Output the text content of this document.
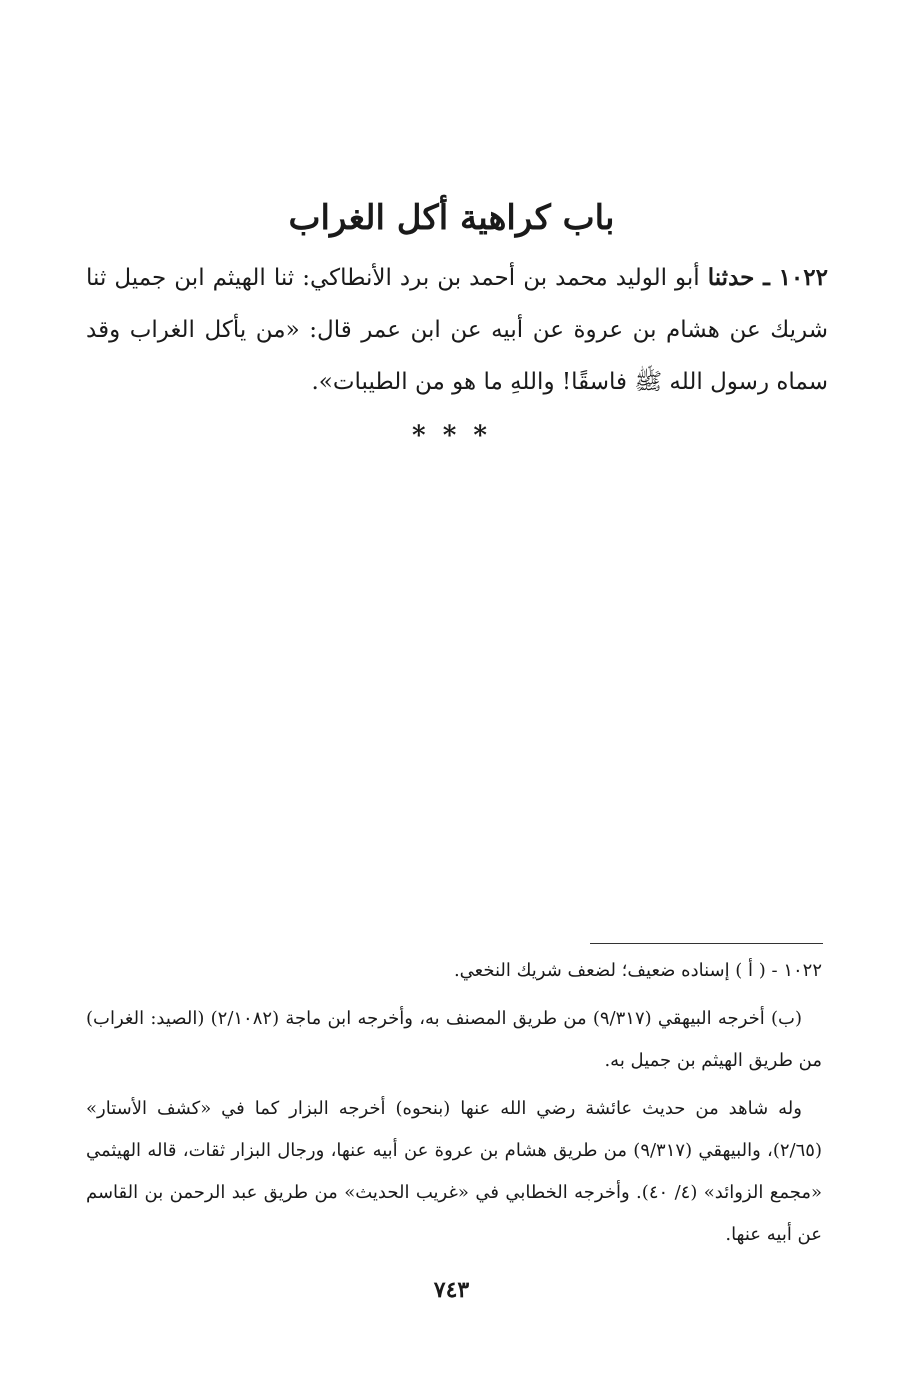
باب كراهية أكل الغراب

١٠٢٢ ـ حدثنا أبو الوليد محمد بن أحمد بن برد الأنطاكي: ثنا الهيثم ابن جميل ثنا شريك عن هشام بن عروة عن أبيه عن ابن عمر قال: «من يأكل الغراب وقد سماه رسول الله ﷺ فاسقًا! واللهِ ما هو من الطيبات».

* * *

١٠٢٢ - ( أ ) إسناده ضعيف؛ لضعف شريك النخعي.

(ب) أخرجه البيهقي (٩/٣١٧) من طريق المصنف به، وأخرجه ابن ماجة (٢/١٠٨٢) (الصيد: الغراب) من طريق الهيثم بن جميل به.

وله شاهد من حديث عائشة رضي الله عنها (بنحوه) أخرجه البزار كما في «كشف الأستار» (٢/٦٥)، والبيهقي (٩/٣١٧) من طريق هشام بن عروة عن أبيه عنها، ورجال البزار ثقات، قاله الهيثمي «مجمع الزوائد» (٤/ ٤٠). وأخرجه الخطابي في «غريب الحديث» من طريق عبد الرحمن بن القاسم عن أبيه عنها.

٧٤٣
